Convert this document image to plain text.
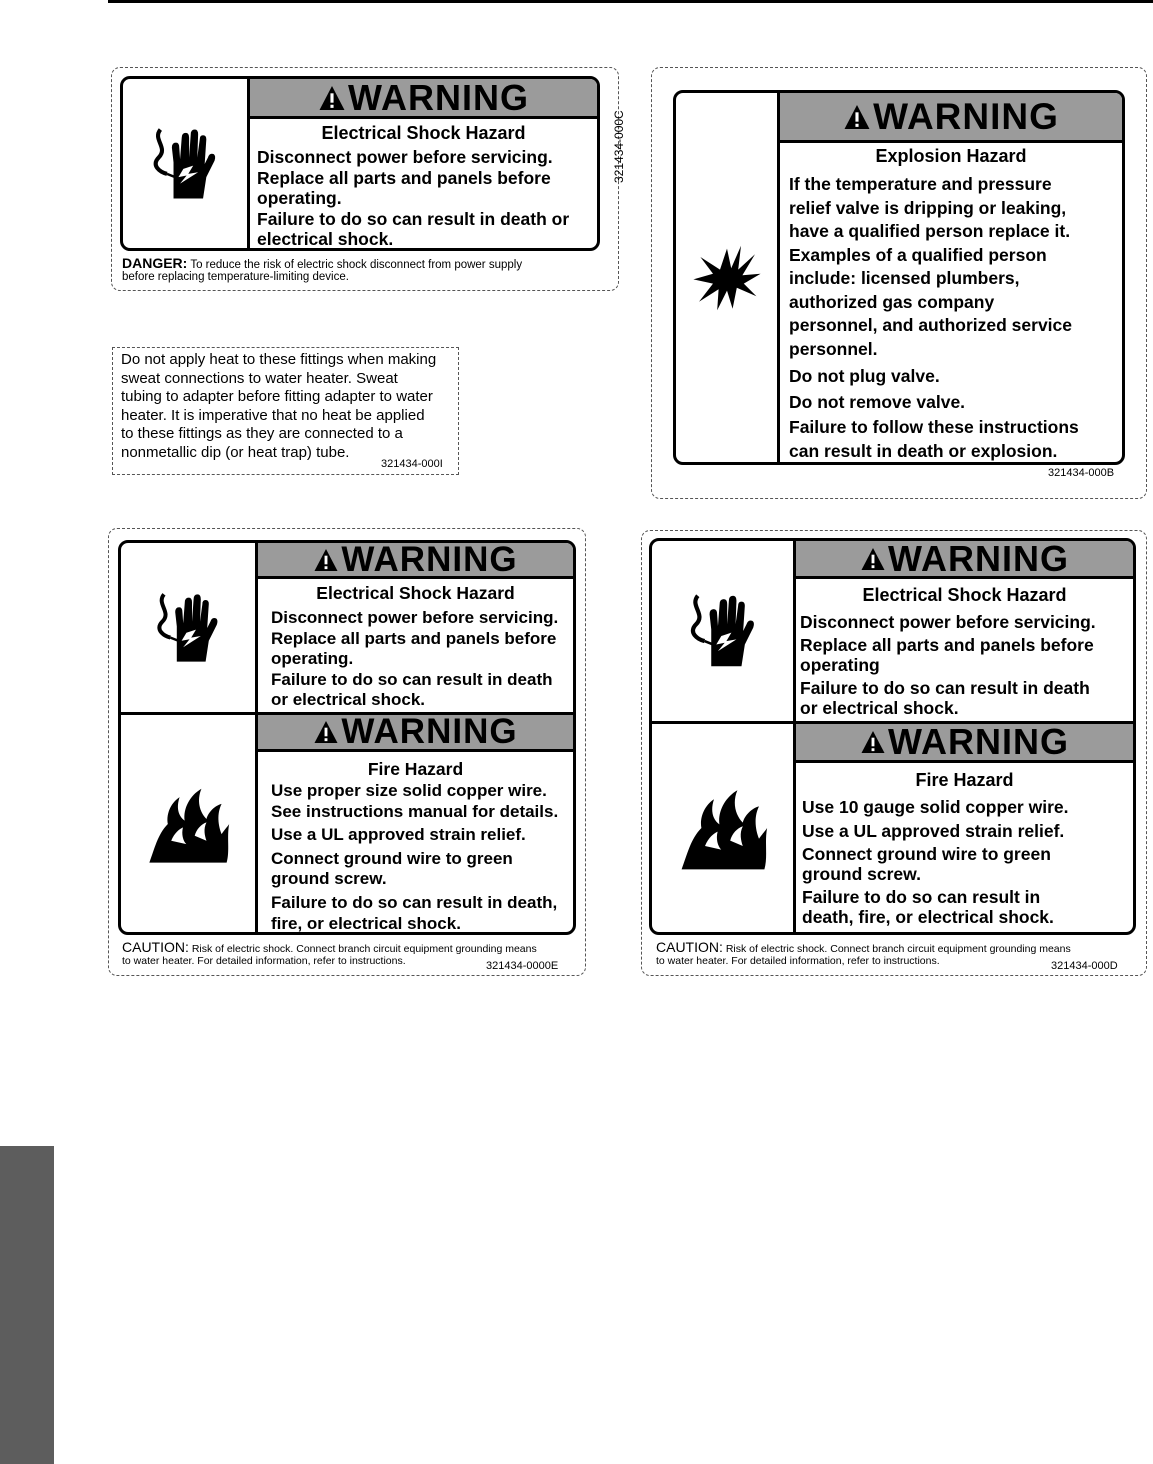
WARNING
Electrical Shock Hazard
Disconnect power before servicing.
Replace all parts and panels before
operating.
Failure to do so can result in death or
electrical shock.
321434-000C
DANGER: To reduce the risk of electric shock disconnect from power supply
before replacing temperature-limiting device.
Do not apply heat to these fittings when making
sweat connections to water heater. Sweat
tubing to adapter before fitting adapter to water
heater. It is imperative that no heat be applied
to these fittings as they are connected to a
nonmetallic dip (or heat trap) tube.
321434-000I
WARNING
Explosion Hazard
If the temperature and pressure
relief valve is dripping or leaking,
have a qualified person replace it.
Examples of a qualified person
include: licensed plumbers,
authorized gas company
personnel, and authorized service
personnel.
Do not plug valve.
Do not remove valve.
Failure to follow these instructions
can result in death or explosion.
321434-000B
WARNING
Electrical Shock Hazard
Disconnect power before servicing.
Replace all parts and panels before
operating.
Failure to do so can result in death
or electrical shock.
WARNING
Fire Hazard
Use proper size solid copper wire.
See instructions manual for details.
Use a UL approved strain relief.
Connect ground wire to green
ground screw.
Failure to do so can result in death,
fire, or electrical shock.
CAUTION: Risk of electric shock. Connect branch circuit equipment grounding means
to water heater. For detailed information, refer to instructions.	321434-0000E
WARNING
Electrical Shock Hazard
Disconnect power before servicing.
Replace all parts and panels before
operating
Failure to do so can result in death
or electrical shock.
WARNING
Fire Hazard
Use 10 gauge solid copper wire.
Use a UL approved strain relief.
Connect ground wire to green
ground screw.
Failure to do so can result in
death, fire, or electrical shock.
CAUTION: Risk of electric shock. Connect branch circuit equipment grounding means
to water heater. For detailed information, refer to instructions.	321434-000D
